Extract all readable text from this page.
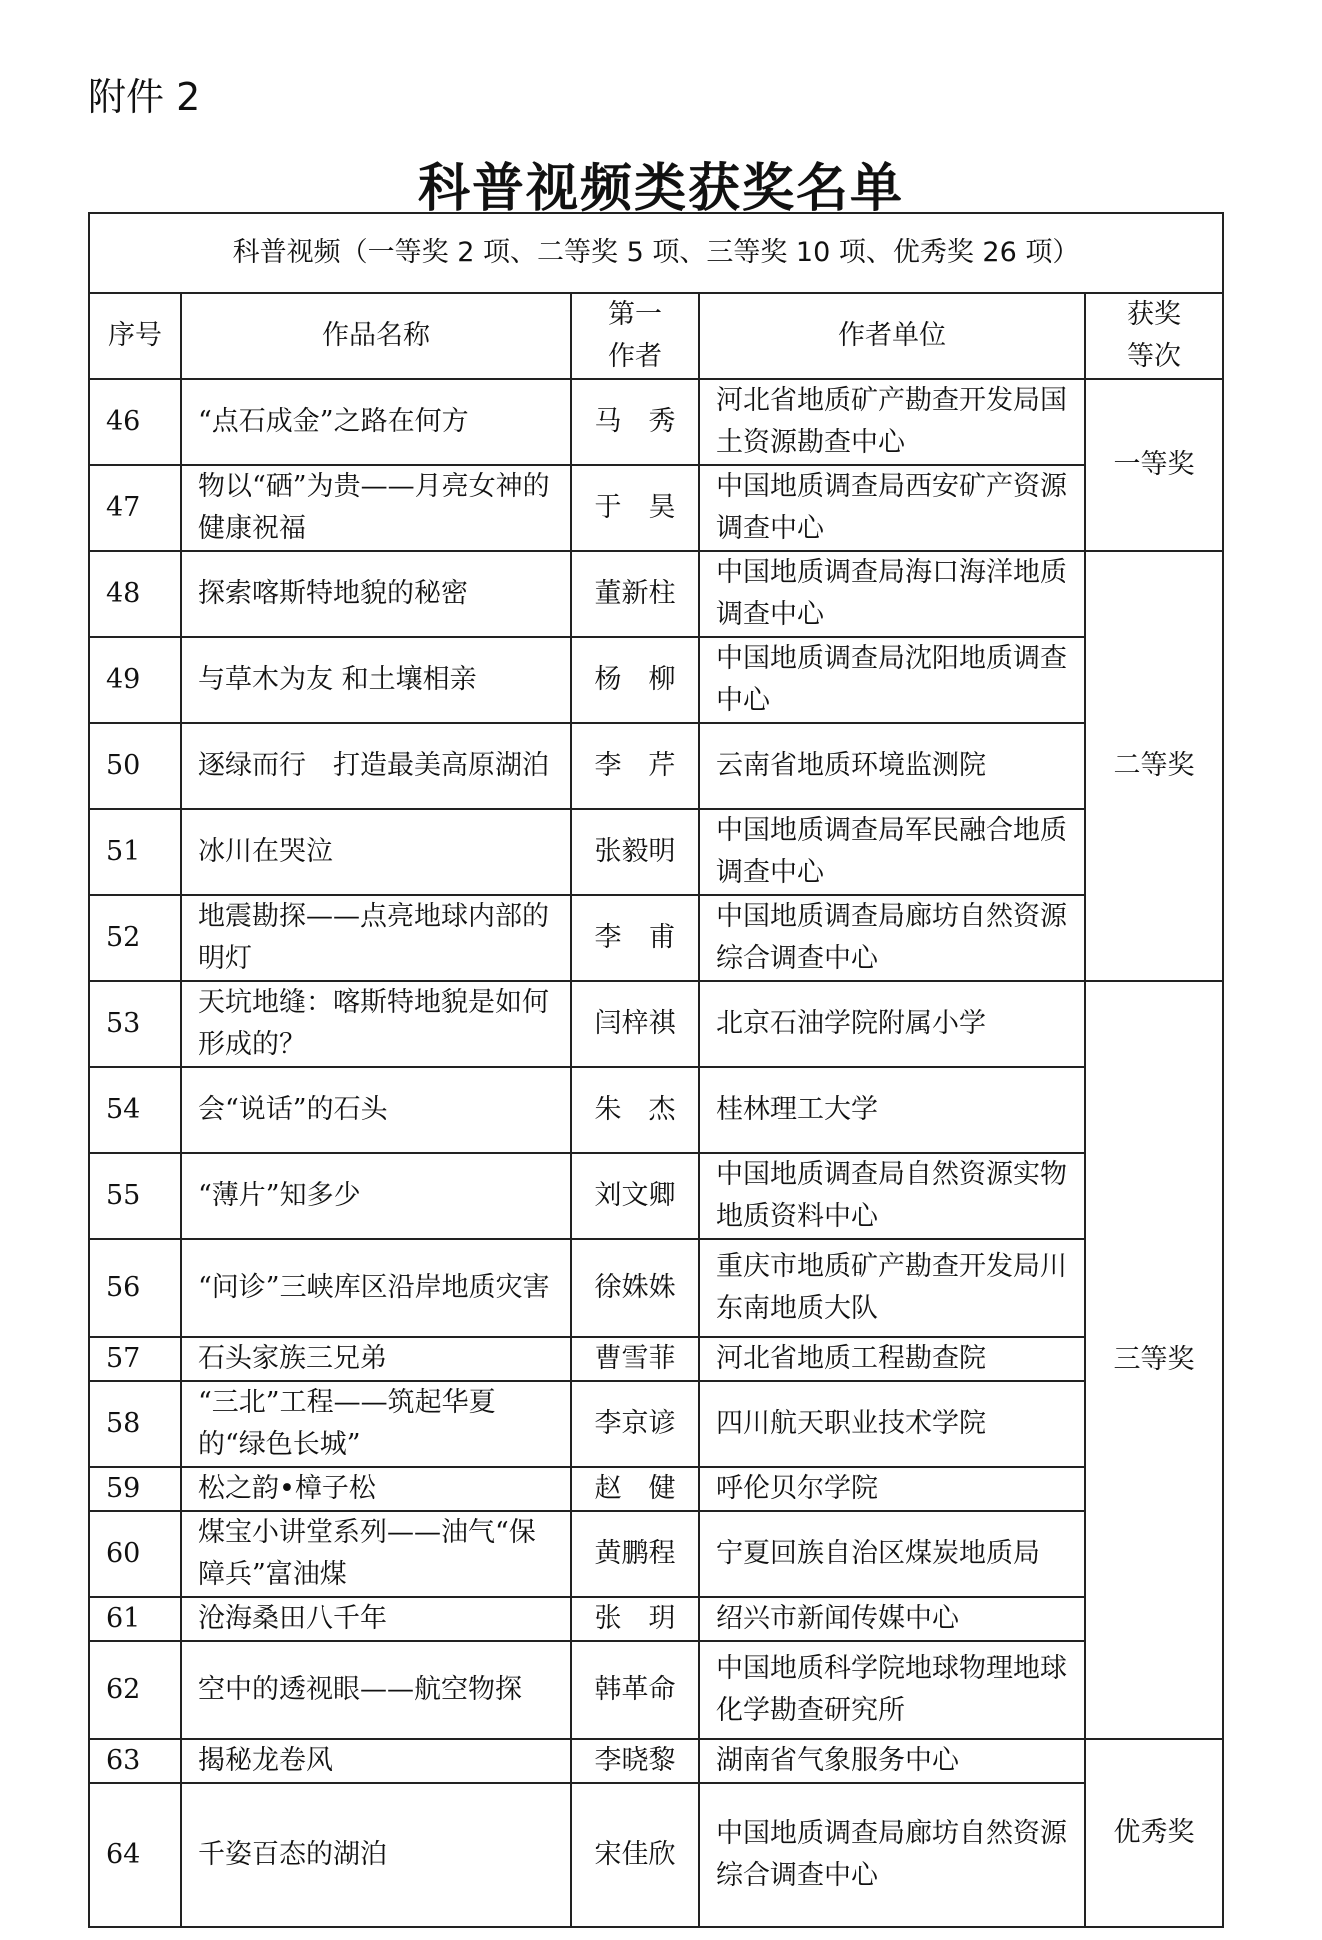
附件 2
科普视频类获奖名单
科普视频（一等奖 2 项、二等奖 5 项、三等奖 10 项、优秀奖 26 项）				
序号	作品名称	第一作者	作者单位	获奖等次
46	“点石成金”之路在何方	马　秀	河北省地质矿产勘查开发局国土资源勘查中心	一等奖
47	物以“硒”为贵——月亮女神的健康祝福	于　昊	中国地质调查局西安矿产资源调查中心	
48	探索喀斯特地貌的秘密	董新柱	中国地质调查局海口海洋地质调查中心	二等奖
49	与草木为友 和土壤相亲	杨　柳	中国地质调查局沈阳地质调查中心	
50	逐绿而行　打造最美高原湖泊	李　芹	云南省地质环境监测院	
51	冰川在哭泣	张毅明	中国地质调查局军民融合地质调查中心	
52	地震勘探——点亮地球内部的明灯	李　甫	中国地质调查局廊坊自然资源综合调查中心	
53	天坑地缝：喀斯特地貌是如何形成的？	闫梓祺	北京石油学院附属小学	三等奖
54	会“说话”的石头	朱　杰	桂林理工大学	
55	“薄片”知多少	刘文卿	中国地质调查局自然资源实物地质资料中心	
56	“问诊”三峡库区沿岸地质灾害	徐姝姝	重庆市地质矿产勘查开发局川东南地质大队	
57	石头家族三兄弟	曹雪菲	河北省地质工程勘查院	
58	“三北”工程——筑起华夏的“绿色长城”	李京谚	四川航天职业技术学院	
59	松之韵•樟子松	赵　健	呼伦贝尔学院	
60	煤宝小讲堂系列——油气“保障兵”富油煤	黄鹏程	宁夏回族自治区煤炭地质局	
61	沧海桑田八千年	张　玥	绍兴市新闻传媒中心	
62	空中的透视眼——航空物探	韩革命	中国地质科学院地球物理地球化学勘查研究所	
63	揭秘龙卷风	李晓黎	湖南省气象服务中心	优秀奖
64	千姿百态的湖泊	宋佳欣	中国地质调查局廊坊自然资源综合调查中心	
